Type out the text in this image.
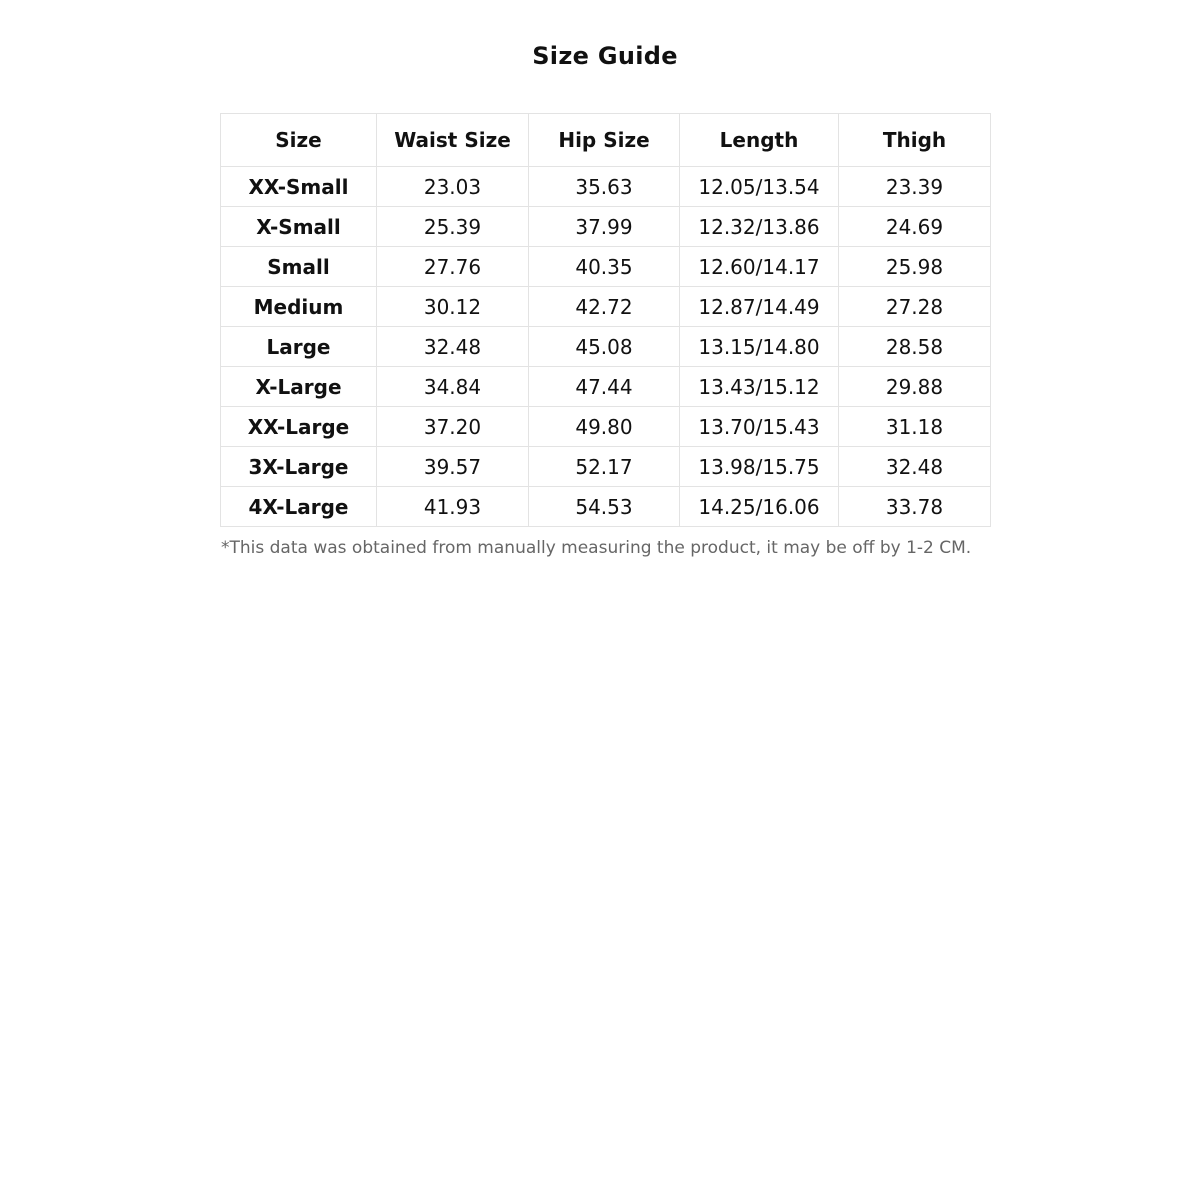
Size Guide
Size	Waist Size	Hip Size	Length	Thigh
XX-Small	23.03	35.63	12.05/13.54	23.39
X-Small	25.39	37.99	12.32/13.86	24.69
Small	27.76	40.35	12.60/14.17	25.98
Medium	30.12	42.72	12.87/14.49	27.28
Large	32.48	45.08	13.15/14.80	28.58
X-Large	34.84	47.44	13.43/15.12	29.88
XX-Large	37.20	49.80	13.70/15.43	31.18
3X-Large	39.57	52.17	13.98/15.75	32.48
4X-Large	41.93	54.53	14.25/16.06	33.78
*This data was obtained from manually measuring the product, it may be off by 1-2 CM.
